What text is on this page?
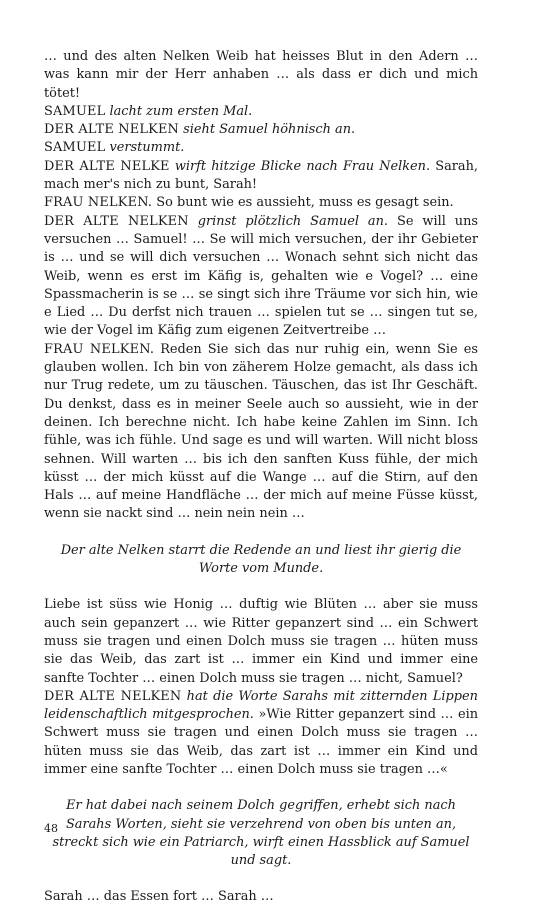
… und des alten Nelken Weib hat heisses Blut in den Adern … was kann mir der Herr anhaben … als dass er dich und mich tötet!

SAMUEL lacht zum ersten Mal.

DER ALTE NELKEN sieht Samuel höhnisch an.

SAMUEL verstummt.

DER ALTE NELKE wirft hitzige Blicke nach Frau Nelken. Sarah, mach mer's nich zu bunt, Sarah!

FRAU NELKEN. So bunt wie es aussieht, muss es gesagt sein.

DER ALTE NELKEN grinst plötzlich Samuel an. Se will uns versuchen … Samuel! … Se will mich versuchen, der ihr Gebieter is … und se will dich versuchen … Wonach sehnt sich nicht das Weib, wenn es erst im Käfig is, gehalten wie e Vogel? … eine Spassmacherin is se … se singt sich ihre Träume vor sich hin, wie e Lied … Du derfst nich trauen … spielen tut se … singen tut se, wie der Vogel im Käfig zum eigenen Zeitvertreibe …

FRAU NELKEN. Reden Sie sich das nur ruhig ein, wenn Sie es glauben wollen. Ich bin von zäherem Holze gemacht, als dass ich nur Trug redete, um zu täuschen. Täuschen, das ist Ihr Geschäft. Du denkst, dass es in meiner Seele auch so aussieht, wie in der deinen. Ich berechne nicht. Ich habe keine Zahlen im Sinn. Ich fühle, was ich fühle. Und sage es und will warten. Will nicht bloss sehnen. Will warten … bis ich den sanften Kuss fühle, der mich küsst … der mich küsst auf die Wange … auf die Stirn, auf den Hals … auf meine Handfläche … der mich auf meine Füsse küsst, wenn sie nackt sind … nein nein nein …

Der alte Nelken starrt die Redende an und liest ihr gierig die Worte vom Munde.

Liebe ist süss wie Honig … duftig wie Blüten … aber sie muss auch sein gepanzert … wie Ritter gepanzert sind … ein Schwert muss sie tragen und einen Dolch muss sie tragen … hüten muss sie das Weib, das zart ist … immer ein Kind und immer eine sanfte Tochter … einen Dolch muss sie tragen … nicht, Samuel?

DER ALTE NELKEN hat die Worte Sarahs mit zitternden Lippen leidenschaftlich mitgesprochen. »Wie Ritter gepanzert sind … ein Schwert muss sie tragen und einen Dolch muss sie tragen … hüten muss sie das Weib, das zart ist … immer ein Kind und immer eine sanfte Tochter … einen Dolch muss sie tragen …«

Er hat dabei nach seinem Dolch gegriffen, erhebt sich nach Sarahs Worten, sieht sie verzehrend von oben bis unten an, streckt sich wie ein Patriarch, wirft einen Hassblick auf Samuel und sagt.

Sarah … das Essen fort … Sarah …

48
